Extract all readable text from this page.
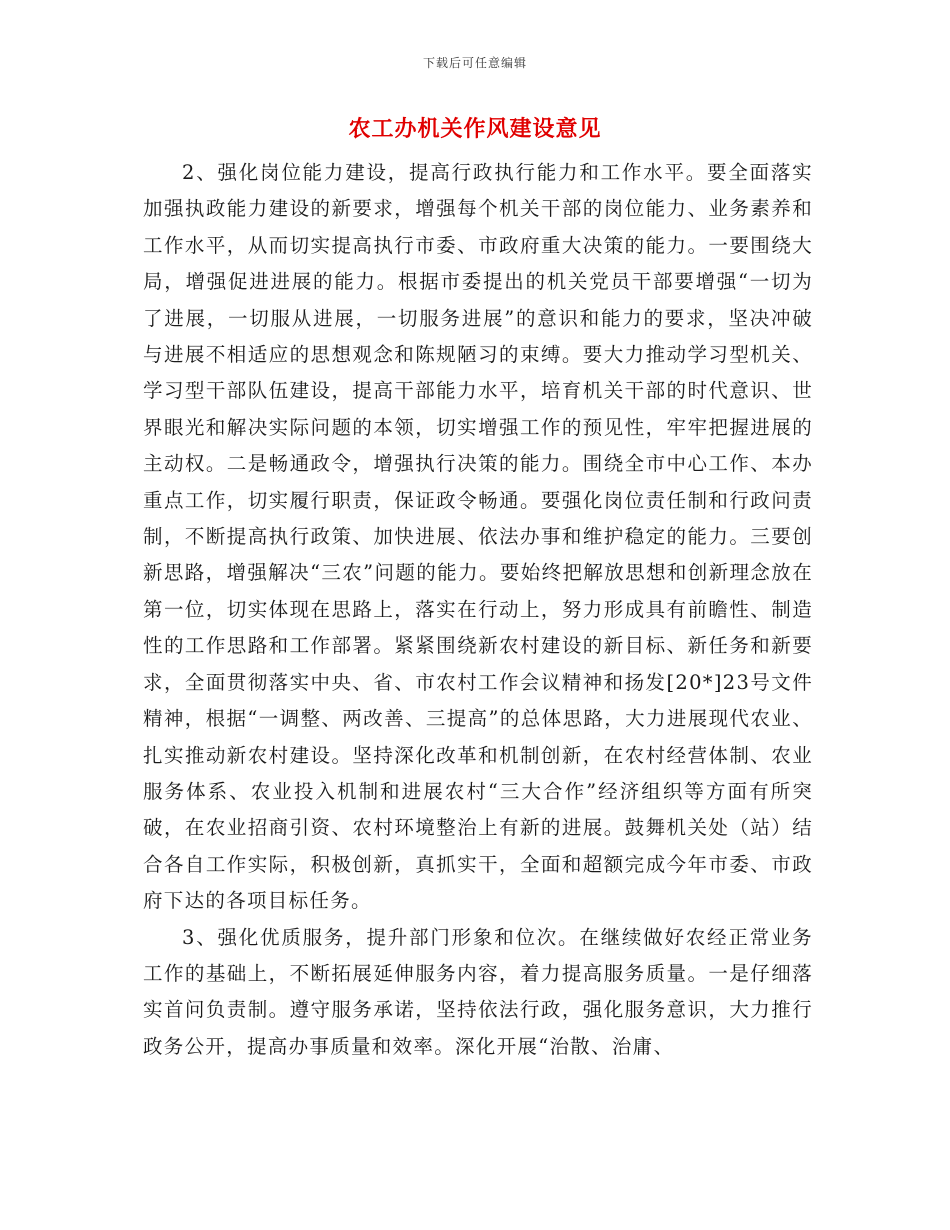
下载后可任意编辑
农工办机关作风建设意见

2、强化岗位能力建设，提高行政执行能力和工作水平。要全面落实加强执政能力建设的新要求，增强每个机关干部的岗位能力、业务素养和工作水平，从而切实提高执行市委、市政府重大决策的能力。一要围绕大局，增强促进进展的能力。根据市委提出的机关党员干部要增强“一切为了进展，一切服从进展，一切服务进展”的意识和能力的要求，坚决冲破与进展不相适应的思想观念和陈规陋习的束缚。要大力推动学习型机关、学习型干部队伍建设，提高干部能力水平，培育机关干部的时代意识、世界眼光和解决实际问题的本领，切实增强工作的预见性，牢牢把握进展的主动权。二是畅通政令，增强执行决策的能力。围绕全市中心工作、本办重点工作，切实履行职责，保证政令畅通。要强化岗位责任制和行政问责制，不断提高执行政策、加快进展、依法办事和维护稳定的能力。三要创新思路，增强解决“三农”问题的能力。要始终把解放思想和创新理念放在第一位，切实体现在思路上，落实在行动上，努力形成具有前瞻性、制造性的工作思路和工作部署。紧紧围绕新农村建设的新目标、新任务和新要求，全面贯彻落实中央、省、市农村工作会议精神和扬发[20*]23号文件精神，根据“一调整、两改善、三提高”的总体思路，大力进展现代农业、扎实推动新农村建设。坚持深化改革和机制创新，在农村经营体制、农业服务体系、农业投入机制和进展农村“三大合作”经济组织等方面有所突破，在农业招商引资、农村环境整治上有新的进展。鼓舞机关处（站）结合各自工作实际，积极创新，真抓实干，全面和超额完成今年市委、市政府下达的各项目标任务。

3、强化优质服务，提升部门形象和位次。在继续做好农经正常业务工作的基础上，不断拓展延伸服务内容，着力提高服务质量。一是仔细落实首问负责制。遵守服务承诺，坚持依法行政，强化服务意识，大力推行政务公开，提高办事质量和效率。深化开展“治散、治庸、
